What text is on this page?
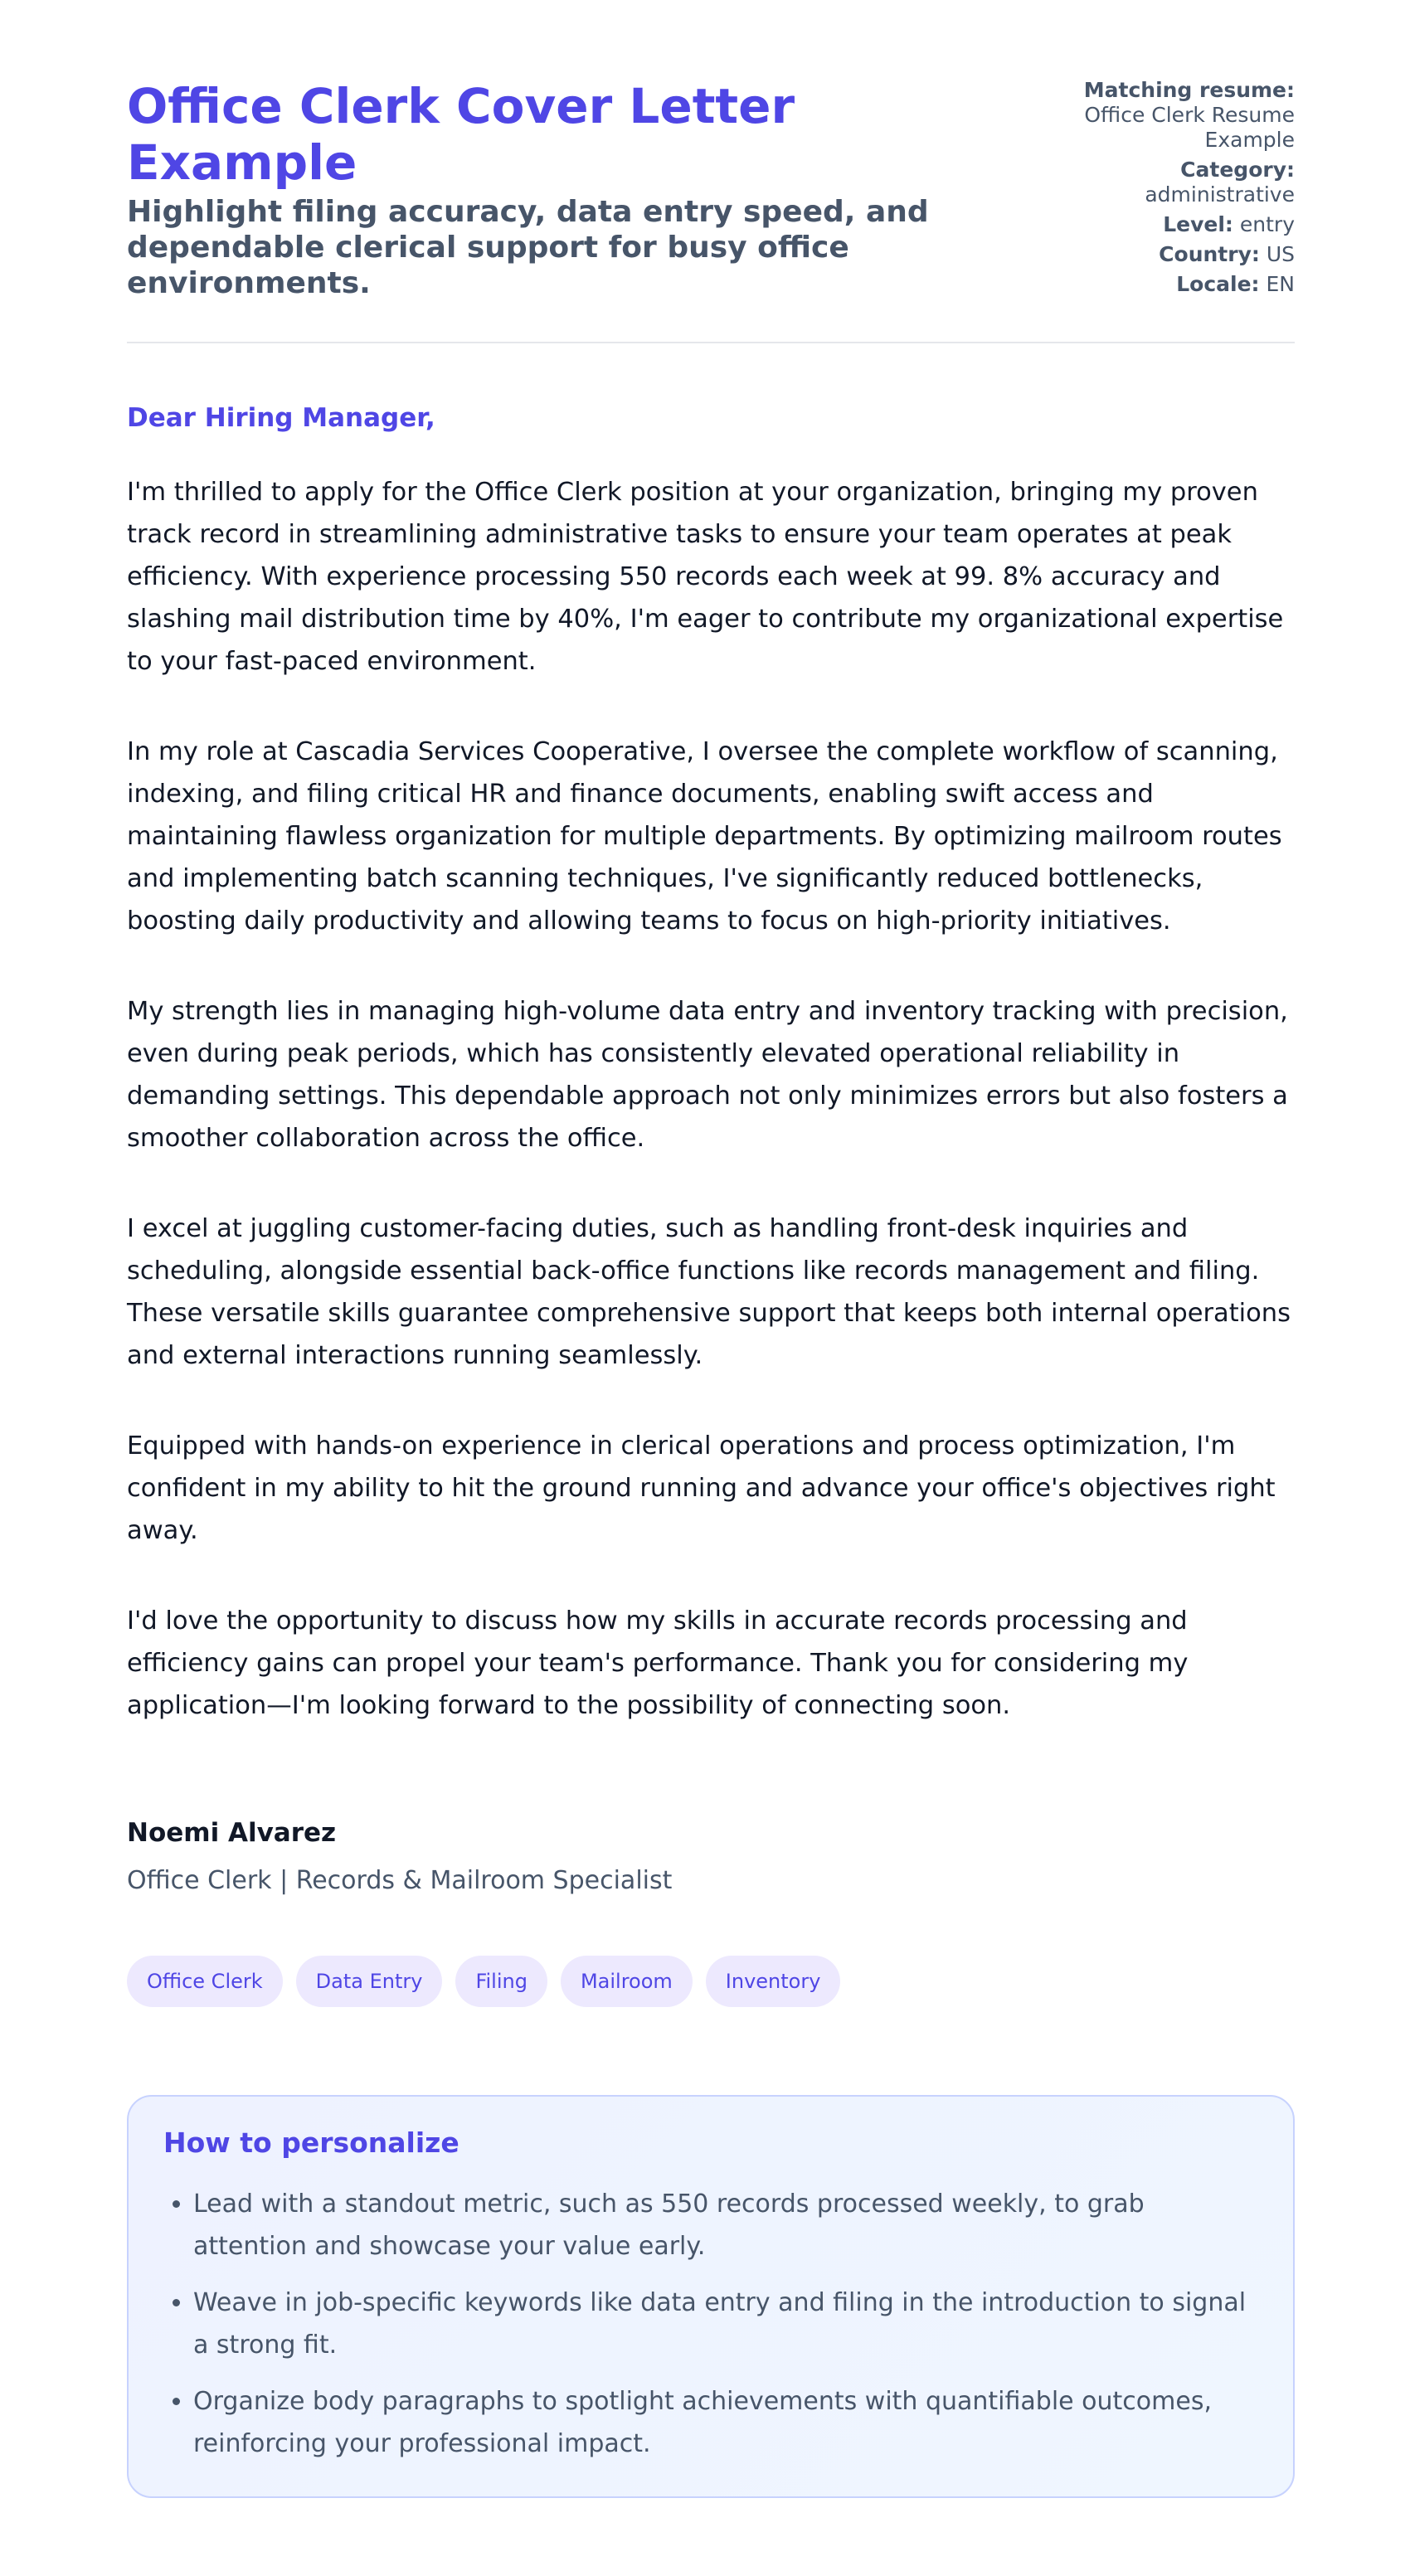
Office Clerk Cover Letter Example
Highlight filing accuracy, data entry speed, and dependable clerical support for busy office environments.
Matching resume:
Office Clerk Resume Example
Category:
administrative
Level: entry
Country: US
Locale: EN

Dear Hiring Manager,

I'm thrilled to apply for the Office Clerk position at your organization, bringing my proven track record in streamlining administrative tasks to ensure your team operates at peak efficiency. With experience processing 550 records each week at 99. 8% accuracy and slashing mail distribution time by 40%, I'm eager to contribute my organizational expertise to your fast-paced environment.

In my role at Cascadia Services Cooperative, I oversee the complete workflow of scanning, indexing, and filing critical HR and finance documents, enabling swift access and maintaining flawless organization for multiple departments. By optimizing mailroom routes and implementing batch scanning techniques, I've significantly reduced bottlenecks, boosting daily productivity and allowing teams to focus on high-priority initiatives.

My strength lies in managing high-volume data entry and inventory tracking with precision, even during peak periods, which has consistently elevated operational reliability in demanding settings. This dependable approach not only minimizes errors but also fosters a smoother collaboration across the office.

I excel at juggling customer-facing duties, such as handling front-desk inquiries and scheduling, alongside essential back-office functions like records management and filing. These versatile skills guarantee comprehensive support that keeps both internal operations and external interactions running seamlessly.

Equipped with hands-on experience in clerical operations and process optimization, I'm confident in my ability to hit the ground running and advance your office's objectives right away.

I'd love the opportunity to discuss how my skills in accurate records processing and efficiency gains can propel your team's performance. Thank you for considering my application—I'm looking forward to the possibility of connecting soon.

Noemi Alvarez

Office Clerk | Records & Mailroom Specialist

Office Clerk	Data Entry	Filing	Mailroom	Inventory
How to personalize
• Lead with a standout metric, such as 550 records processed weekly, to grab attention and showcase your value early.
• Weave in job-specific keywords like data entry and filing in the introduction to signal a strong fit.
• Organize body paragraphs to spotlight achievements with quantifiable outcomes, reinforcing your professional impact.
